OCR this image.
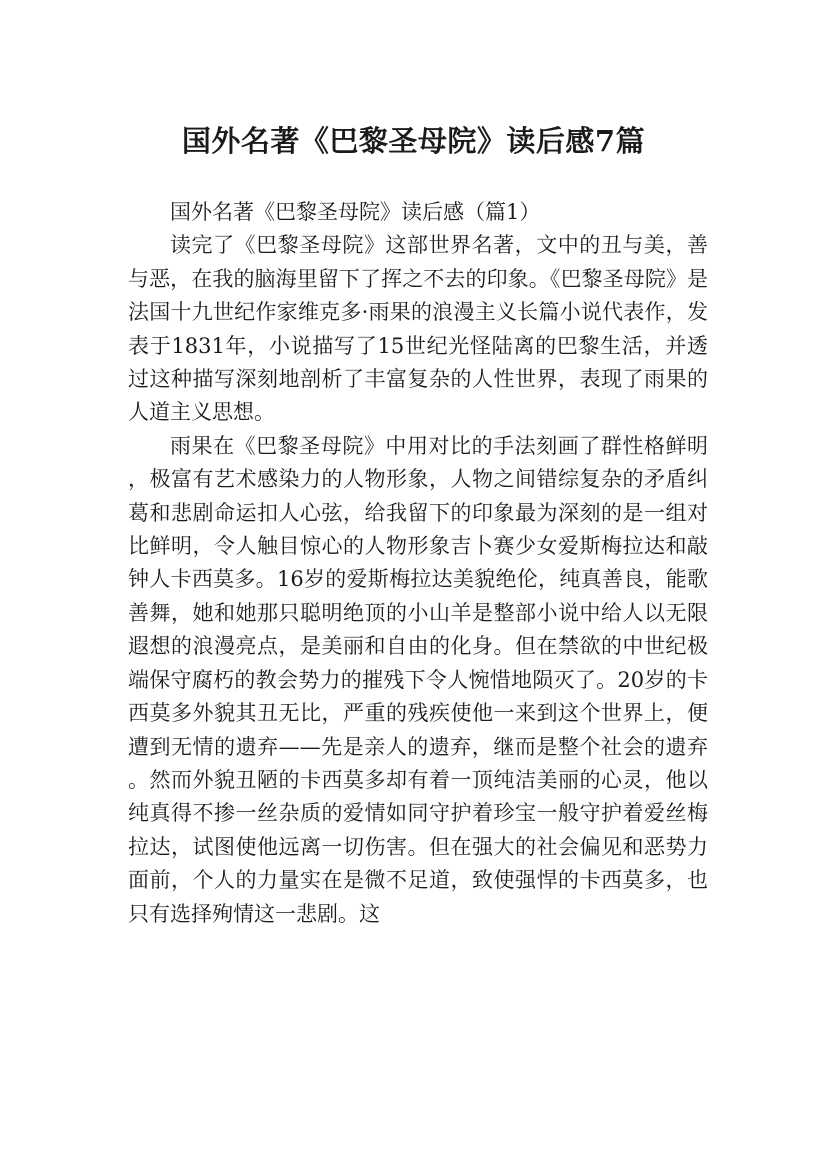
国外名著《巴黎圣母院》读后感7篇

国外名著《巴黎圣母院》读后感（篇1）

读完了《巴黎圣母院》这部世界名著，文中的丑与美，善与恶，在我的脑海里留下了挥之不去的印象。《巴黎圣母院》是法国十九世纪作家维克多·雨果的浪漫主义长篇小说代表作，发表于1831年，小说描写了15世纪光怪陆离的巴黎生活，并透过这种描写深刻地剖析了丰富复杂的人性世界，表现了雨果的人道主义思想。

雨果在《巴黎圣母院》中用对比的手法刻画了群性格鲜明，极富有艺术感染力的人物形象，人物之间错综复杂的矛盾纠葛和悲剧命运扣人心弦，给我留下的印象最为深刻的是一组对比鲜明，令人触目惊心的人物形象吉卜赛少女爱斯梅拉达和敲钟人卡西莫多。16岁的爱斯梅拉达美貌绝伦，纯真善良，能歌善舞，她和她那只聪明绝顶的小山羊是整部小说中给人以无限遐想的浪漫亮点，是美丽和自由的化身。但在禁欲的中世纪极端保守腐朽的教会势力的摧残下令人惋惜地陨灭了。20岁的卡西莫多外貌其丑无比，严重的残疾使他一来到这个世界上，便遭到无情的遗弃——先是亲人的遗弃，继而是整个社会的遗弃。然而外貌丑陋的卡西莫多却有着一顶纯洁美丽的心灵，他以纯真得不掺一丝杂质的爱情如同守护着珍宝一般守护着爱丝梅拉达，试图使他远离一切伤害。但在强大的社会偏见和恶势力面前，个人的力量实在是微不足道，致使强悍的卡西莫多，也只有选择殉情这一悲剧。这
